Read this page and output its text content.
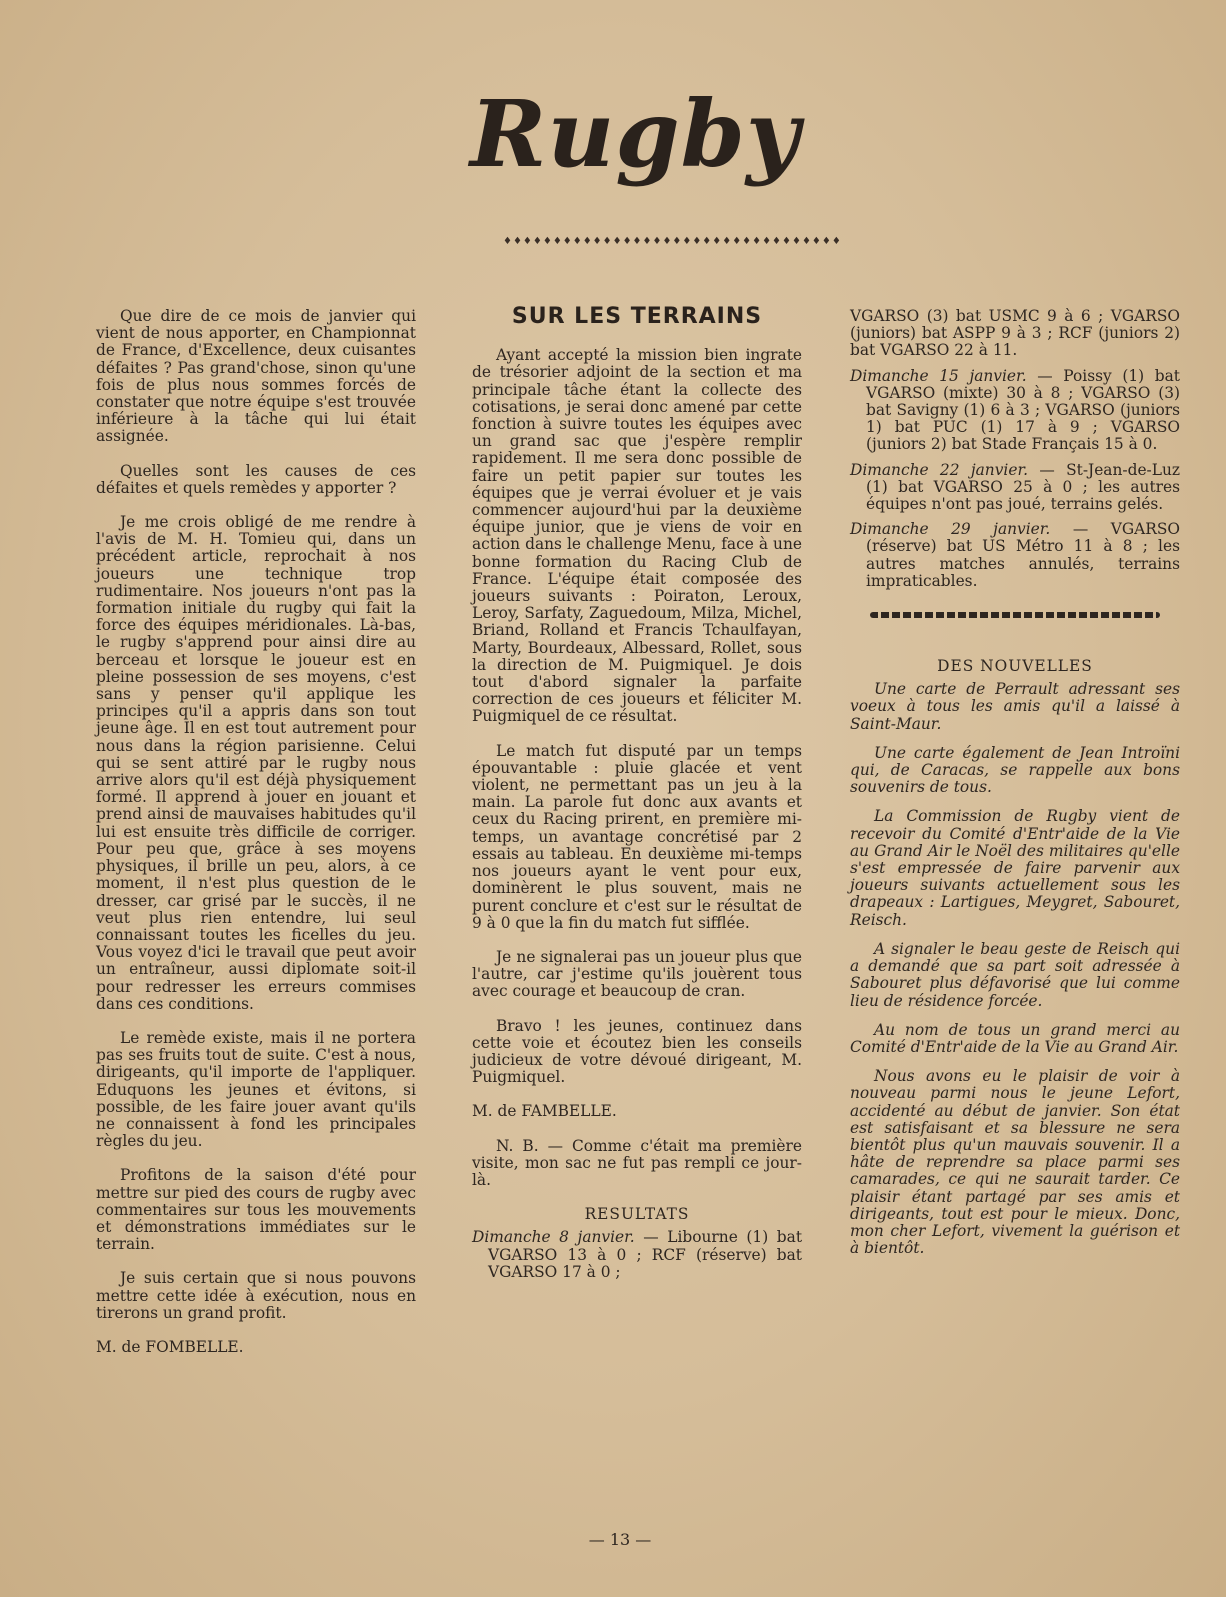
Rugby
♦♦♦♦♦♦♦♦♦♦♦♦♦♦♦♦♦♦♦♦♦♦♦♦♦♦♦♦♦♦♦♦♦♦

Que dire de ce mois de janvier qui vient de nous apporter, en Championnat de France, d'Excellence, deux cuisantes défaites ? Pas grand'chose, sinon qu'une fois de plus nous sommes forcés de constater que notre équipe s'est trouvée inférieure à la tâche qui lui était assignée.

Quelles sont les causes de ces défaites et quels remèdes y apporter ?

Je me crois obligé de me rendre à l'avis de M. H. Tomieu qui, dans un précédent article, reprochait à nos joueurs une technique trop rudimentaire. Nos joueurs n'ont pas la formation initiale du rugby qui fait la force des équipes méridionales. Là-bas, le rugby s'apprend pour ainsi dire au berceau et lorsque le joueur est en pleine possession de ses moyens, c'est sans y penser qu'il applique les principes qu'il a appris dans son tout jeune âge. Il en est tout autrement pour nous dans la région parisienne. Celui qui se sent attiré par le rugby nous arrive alors qu'il est déjà physiquement formé. Il apprend à jouer en jouant et prend ainsi de mauvaises habitudes qu'il lui est ensuite très difficile de corriger. Pour peu que, grâce à ses moyens physiques, il brille un peu, alors, à ce moment, il n'est plus question de le dresser, car grisé par le succès, il ne veut plus rien entendre, lui seul connaissant toutes les ficelles du jeu. Vous voyez d'ici le travail que peut avoir un entraîneur, aussi diplomate soit-il pour redresser les erreurs commises dans ces conditions.

Le remède existe, mais il ne portera pas ses fruits tout de suite. C'est à nous, dirigeants, qu'il importe de l'appliquer. Eduquons les jeunes et évitons, si possible, de les faire jouer avant qu'ils ne connaissent à fond les principales règles du jeu.

Profitons de la saison d'été pour mettre sur pied des cours de rugby avec commentaires sur tous les mouvements et démonstrations immédiates sur le terrain.

Je suis certain que si nous pouvons mettre cette idée à exécution, nous en tirerons un grand profit.

M. de FOMBELLE.

SUR LES TERRAINS

Ayant accepté la mission bien ingrate de trésorier adjoint de la section et ma principale tâche étant la collecte des cotisations, je serai donc amené par cette fonction à suivre toutes les équipes avec un grand sac que j'espère remplir rapidement. Il me sera donc possible de faire un petit papier sur toutes les équipes que je verrai évoluer et je vais commencer aujourd'hui par la deuxième équipe junior, que je viens de voir en action dans le challenge Menu, face à une bonne formation du Racing Club de France. L'équipe était composée des joueurs suivants : Poiraton, Leroux, Leroy, Sarfaty, Zaguedoum, Milza, Michel, Briand, Rolland et Francis Tchaulfayan, Marty, Bourdeaux, Albessard, Rollet, sous la direction de M. Puigmiquel. Je dois tout d'abord signaler la parfaite correction de ces joueurs et féliciter M. Puigmiquel de ce résultat.

Le match fut disputé par un temps épouvantable : pluie glacée et vent violent, ne permettant pas un jeu à la main. La parole fut donc aux avants et ceux du Racing prirent, en première mi-temps, un avantage concrétisé par 2 essais au tableau. En deuxième mi-temps nos joueurs ayant le vent pour eux, dominèrent le plus souvent, mais ne purent conclure et c'est sur le résultat de 9 à 0 que la fin du match fut sifflée.

Je ne signalerai pas un joueur plus que l'autre, car j'estime qu'ils jouèrent tous avec courage et beaucoup de cran.

Bravo ! les jeunes, continuez dans cette voie et écoutez bien les conseils judicieux de votre dévoué dirigeant, M. Puigmiquel.

M. de FAMBELLE.

N. B. — Comme c'était ma première visite, mon sac ne fut pas rempli ce jour-là.

RESULTATS

Dimanche 8 janvier. — Libourne (1) bat VGARSO 13 à 0 ; RCF (réserve) bat VGARSO 17 à 0 ;

VGARSO (3) bat USMC 9 à 6 ; VGARSO (juniors) bat ASPP 9 à 3 ; RCF (juniors 2) bat VGARSO 22 à 11.

Dimanche 15 janvier. — Poissy (1) bat VGARSO (mixte) 30 à 8 ; VGARSO (3) bat Savigny (1) 6 à 3 ; VGARSO (juniors 1) bat PUC (1) 17 à 9 ; VGARSO (juniors 2) bat Stade Français 15 à 0.

Dimanche 22 janvier. — St-Jean-de-Luz (1) bat VGARSO 25 à 0 ; les autres équipes n'ont pas joué, terrains gelés.

Dimanche 29 janvier. — VGARSO (réserve) bat US Métro 11 à 8 ; les autres matches annulés, terrains impraticables.

DES NOUVELLES

Une carte de Perrault adressant ses voeux à tous les amis qu'il a laissé à Saint-Maur.

Une carte également de Jean Introïni qui, de Caracas, se rappelle aux bons souvenirs de tous.

La Commission de Rugby vient de recevoir du Comité d'Entr'aide de la Vie au Grand Air le Noël des militaires qu'elle s'est empressée de faire parvenir aux joueurs suivants actuellement sous les drapeaux : Lartigues, Meygret, Sabouret, Reisch.

A signaler le beau geste de Reisch qui a demandé que sa part soit adressée à Sabouret plus défavorisé que lui comme lieu de résidence forcée.

Au nom de tous un grand merci au Comité d'Entr'aide de la Vie au Grand Air.

Nous avons eu le plaisir de voir à nouveau parmi nous le jeune Lefort, accidenté au début de janvier. Son état est satisfaisant et sa blessure ne sera bientôt plus qu'un mauvais souvenir. Il a hâte de reprendre sa place parmi ses camarades, ce qui ne saurait tarder. Ce plaisir étant partagé par ses amis et dirigeants, tout est pour le mieux. Donc, mon cher Lefort, vivement la guérison et à bientôt.

— 13 —
